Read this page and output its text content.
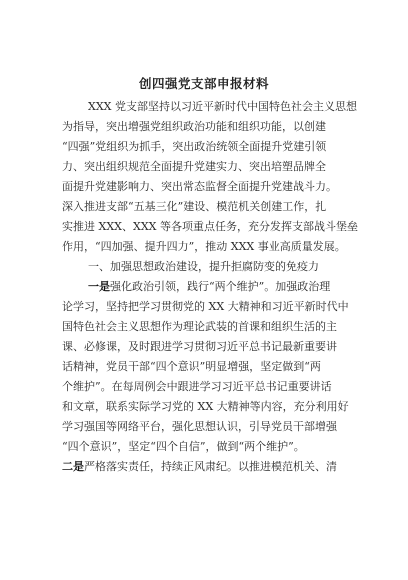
创四强党支部申报材料
XXX 党支部坚持以习近平新时代中国特色社会主义思想
为指导，突出增强党组织政治功能和组织功能，以创建
“四强”党组织为抓手，突出政治统领全面提升党建引领
力、突出组织规范全面提升党建实力、突出培塑品牌全
面提升党建影响力、突出常态监督全面提升党建战斗力。
深入推进支部“五基三化”建设、模范机关创建工作，扎
实推进 XXX、XXX 等各项重点任务，充分发挥支部战斗堡垒
作用，“四加强、提升四力”，推动 XXX 事业高质量发展。
一、加强思想政治建设，提升拒腐防变的免疫力
一是强化政治引领，践行“两个维护”。加强政治理
论学习，坚持把学习贯彻党的 XX 大精神和习近平新时代中
国特色社会主义思想作为理论武装的首课和组织生活的主
课、必修课，及时跟进学习贯彻习近平总书记最新重要讲
话精神，党员干部“四个意识”明显增强，坚定做到“两
个维护”。在每周例会中跟进学习习近平总书记重要讲话
和文章，联系实际学习党的 XX 大精神等内容，充分利用好
学习强国等网络平台，强化思想认识，引导党员干部增强
“四个意识”，坚定“四个自信”，做到“两个维护”。
二是严格落实责任，持续正风肃纪。以推进模范机关、清
